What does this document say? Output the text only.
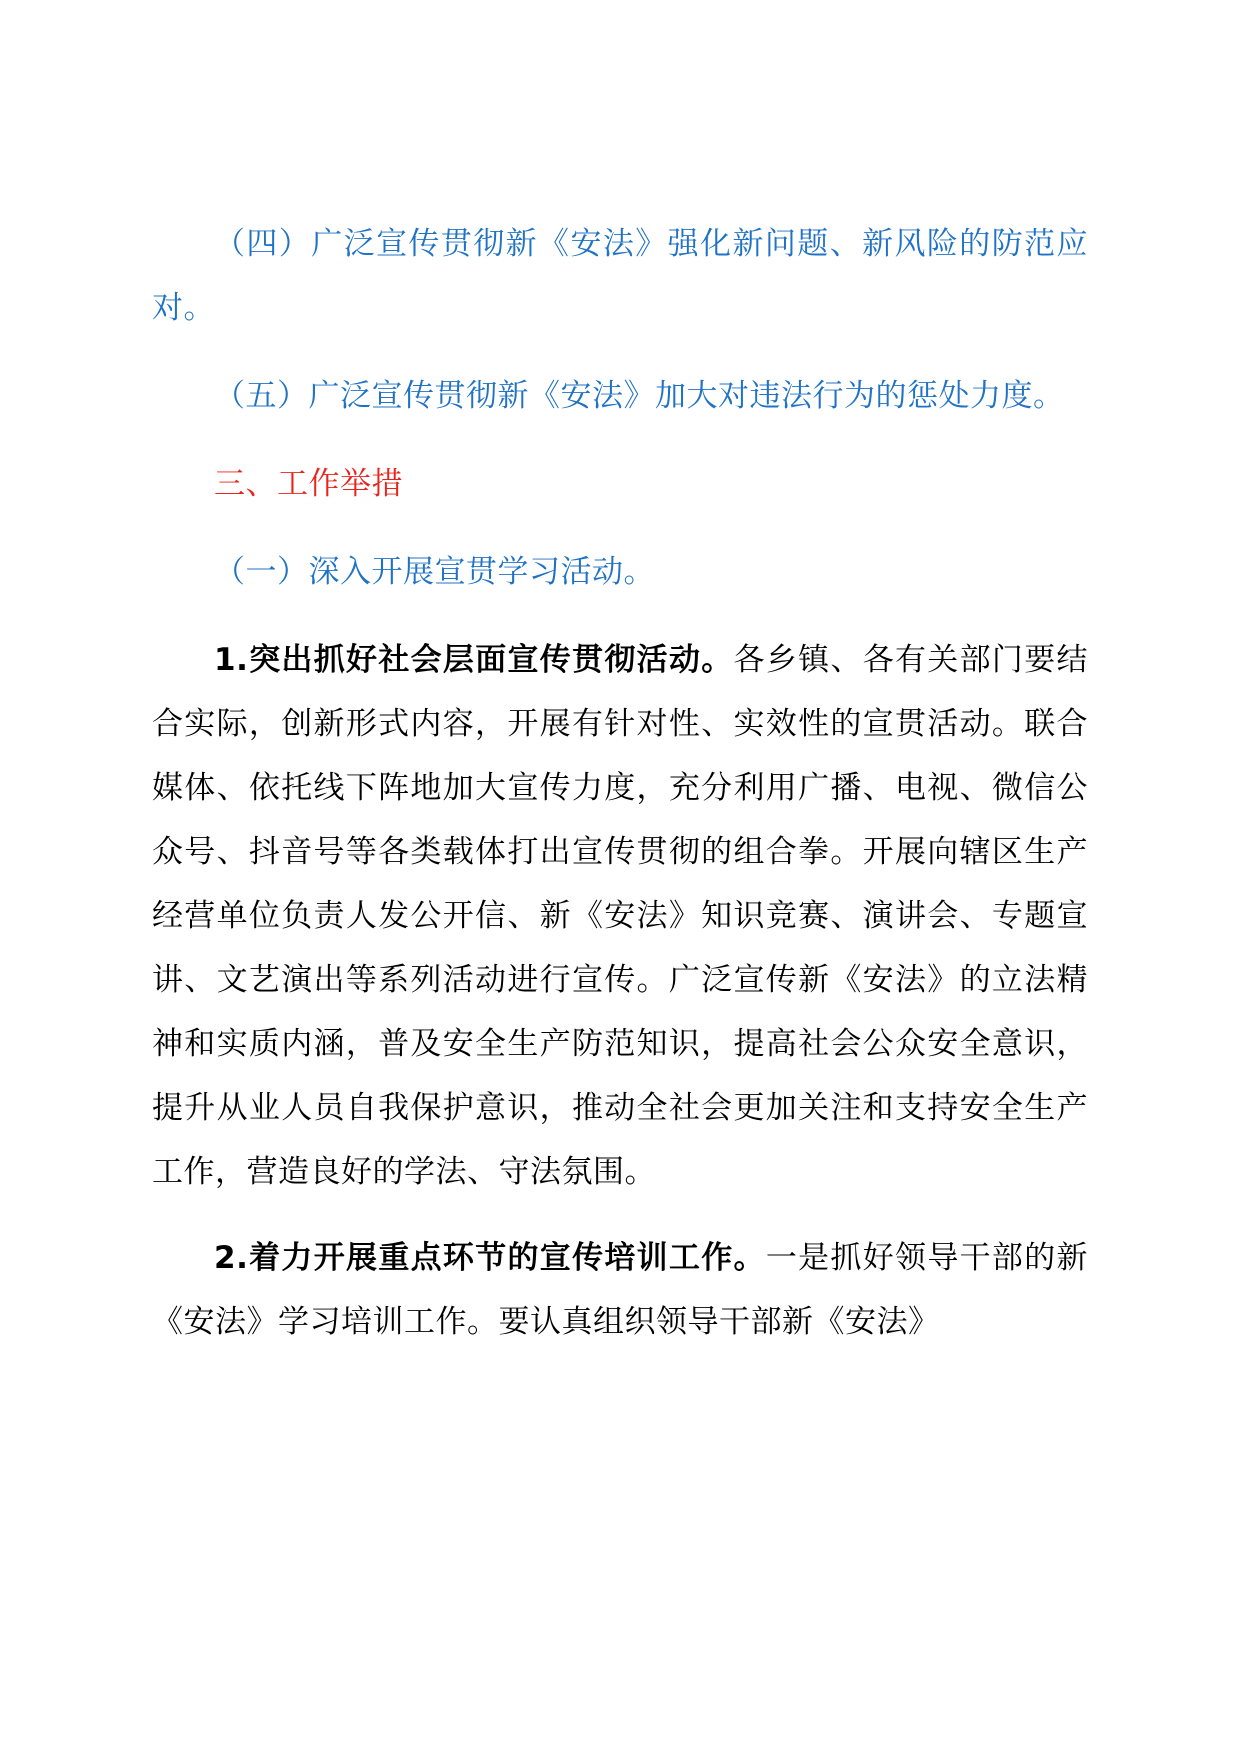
（四）广泛宣传贯彻新《安法》强化新问题、新风险的防范应对。

（五）广泛宣传贯彻新《安法》加大对违法行为的惩处力度。

三、工作举措

（一）深入开展宣贯学习活动。

1.突出抓好社会层面宣传贯彻活动。各乡镇、各有关部门要结合实际，创新形式内容，开展有针对性、实效性的宣贯活动。联合媒体、依托线下阵地加大宣传力度，充分利用广播、电视、微信公众号、抖音号等各类载体打出宣传贯彻的组合拳。开展向辖区生产经营单位负责人发公开信、新《安法》知识竞赛、演讲会、专题宣讲、文艺演出等系列活动进行宣传。广泛宣传新《安法》的立法精神和实质内涵，普及安全生产防范知识，提高社会公众安全意识，提升从业人员自我保护意识，推动全社会更加关注和支持安全生产工作，营造良好的学法、守法氛围。

2.着力开展重点环节的宣传培训工作。一是抓好领导干部的新《安法》学习培训工作。要认真组织领导干部新《安法》
